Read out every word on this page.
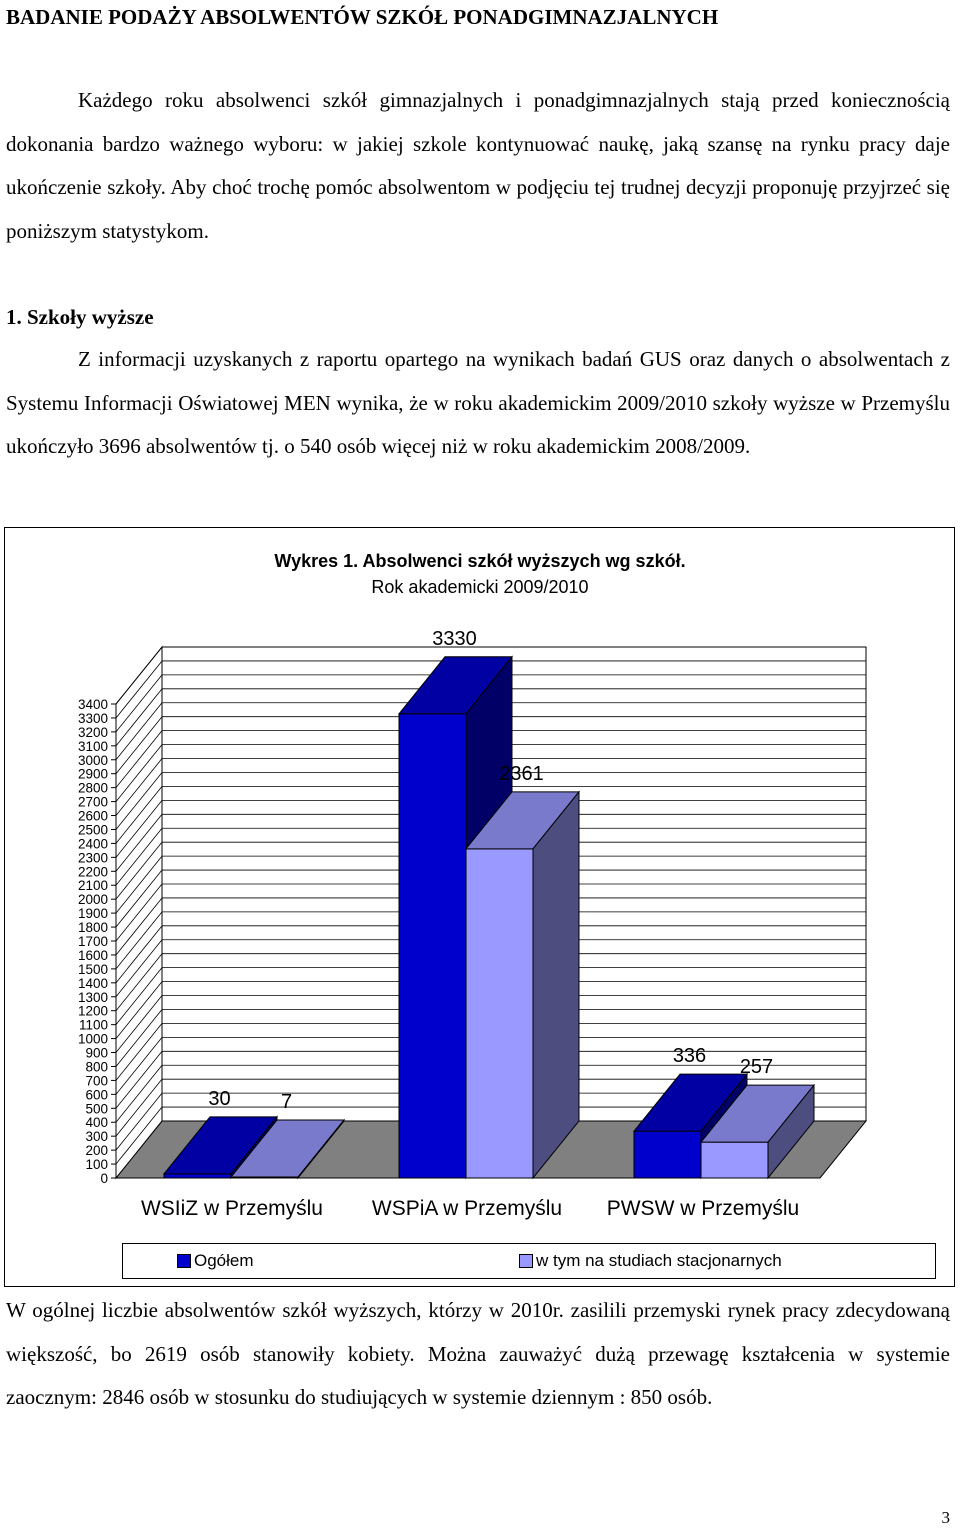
BADANIE PODAŻY ABSOLWENTÓW SZKÓŁ PONADGIMNAZJALNYCH
Każdego roku absolwenci szkół gimnazjalnych i ponadgimnazjalnych stają przed koniecznością dokonania bardzo ważnego wyboru: w jakiej szkole kontynuować naukę, jaką szansę na rynku pracy daje ukończenie szkoły. Aby choć trochę pomóc absolwentom w podjęciu tej trudnej decyzji proponuję przyjrzeć się poniższym statystykom.
1. Szkoły wyższe
Z informacji uzyskanych z raportu opartego na wynikach badań GUS oraz danych o absolwentach z Systemu Informacji Oświatowej MEN wynika, że w roku akademickim 2009/2010 szkoły wyższe w Przemyślu ukończyło 3696 absolwentów tj. o 540 osób więcej niż w roku akademickim 2008/2009.
Wykres 1. Absolwenci szkół wyższych wg szkół.
Rok akademicki 2009/2010
0
100
200
300
400
500
600
700
800
900
1000
1100
1200
1300
1400
1500
1600
1700
1800
1900
2000
2100
2200
2300
2400
2500
2600
2700
2800
2900
3000
3100
3200
3300
3400
30	7
3330
2361
336
257
WSIiZ w Przemyślu WSPiA w Przemyślu PWSW w Przemyślu
Ogółem	w tym na studiach stacjonarnych
W ogólnej liczbie absolwentów szkół wyższych, którzy w 2010r. zasilili przemyski rynek pracy zdecydowaną większość, bo 2619 osób stanowiły kobiety. Można zauważyć dużą przewagę kształcenia w systemie zaocznym: 2846 osób w stosunku do studiujących w systemie dziennym : 850 osób.
3
